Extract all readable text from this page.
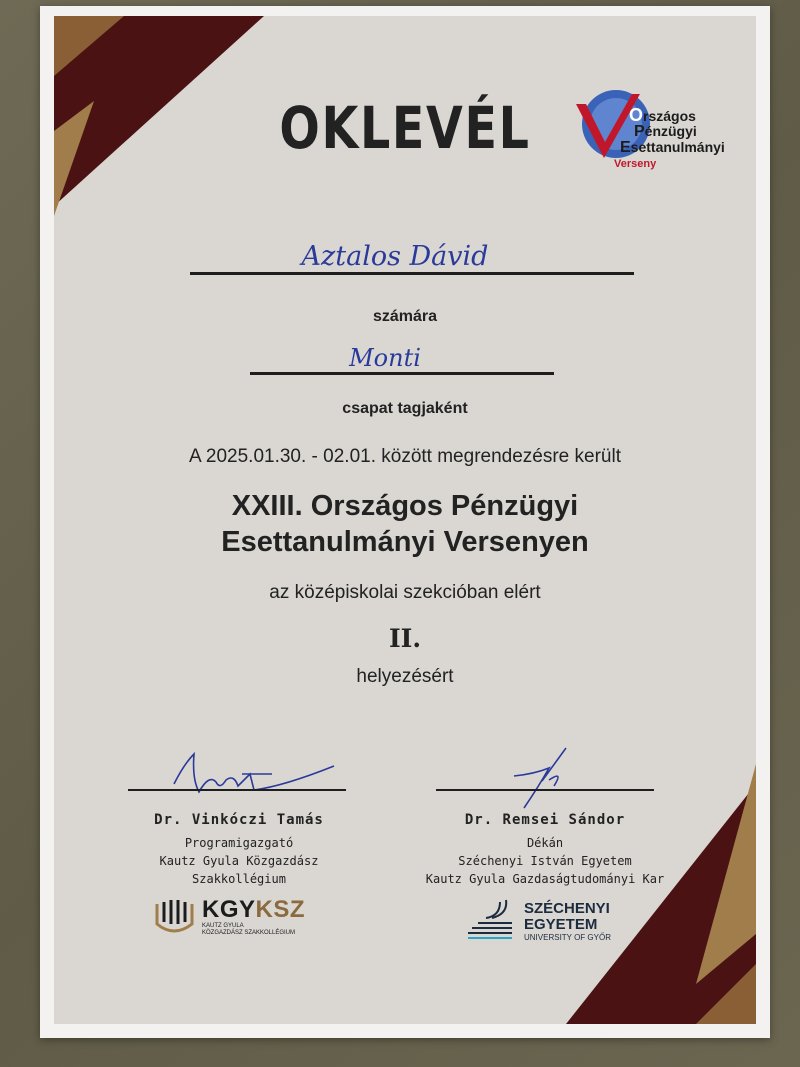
OKLEVÉL	Országos
Pénzügyi
Esettanulmányi
Verseny
Aztalos Dávid
számára
Monti
csapat tagjaként
A 2025.01.30. - 02.01. között megrendezésre került
XXIII. Országos Pénzügyi
Esettanulmányi Versenyen
az középiskolai szekcióban elért
II.
helyezésért
Dr. Vinkóczi Tamás
Programigazgató
Kautz Gyula Közgazdász
Szakkollégium
Dr. Remsei Sándor
Dékán
Széchenyi István Egyetem
Kautz Gyula Gazdaságtudományi Kar
KGYKSZ
KAUTZ GYULA
KÖZGAZDÁSZ SZAKKOLLÉGIUM
SZÉCHENYI
EGYETEM
UNIVERSITY OF GYŐR
